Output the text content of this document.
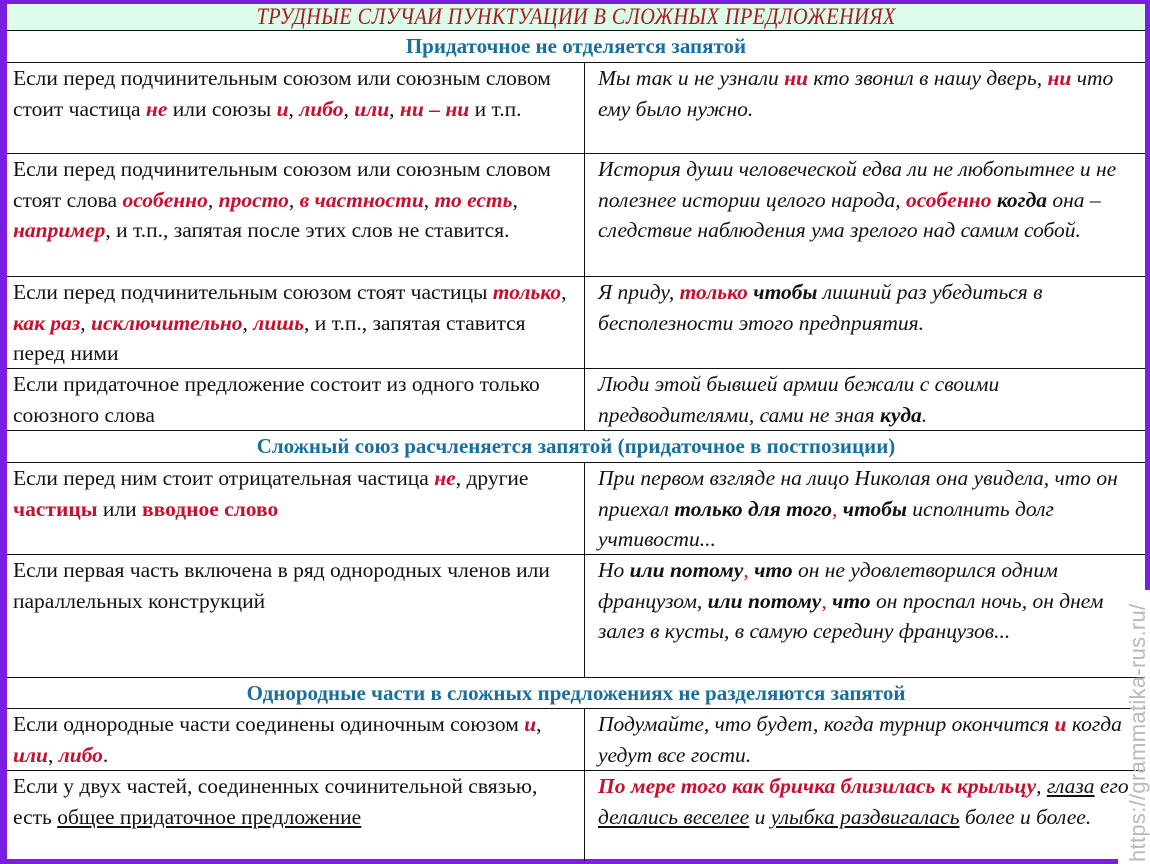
ТРУДНЫЕ СЛУЧАИ ПУНКТУАЦИИ В СЛОЖНЫХ ПРЕДЛОЖЕНИЯХ
Придаточное не отделяется запятой
Если перед подчинительным союзом или союзным словом стоит частица не или союзы и, либо, или, ни – ни и т.п.
Мы так и не узнали ни кто звонил в нашу дверь, ни что ему было нужно.
Если перед подчинительным союзом или союзным словом стоят слова особенно, просто, в частности, то есть, например, и т.п., запятая после этих слов не ставится.
История души человеческой едва ли не любопытнее и не полезнее истории целого народа, особенно когда она – следствие наблюдения ума зрелого над самим собой.
Если перед подчинительным союзом стоят частицы только, как раз, исключительно, лишь, и т.п., запятая ставится перед ними
Я приду, только чтобы лишний раз убедиться в бесполезности этого предприятия.
Если придаточное предложение состоит из одного только союзного слова
Люди этой бывшей армии бежали с своими предводителями, сами не зная куда.
Сложный союз расчленяется запятой (придаточное в постпозиции)
Если перед ним стоит отрицательная частица не, другие частицы или вводное слово
При первом взгляде на лицо Николая она увидела, что он приехал только для того, чтобы исполнить долг учтивости...
Если первая часть включена в ряд однородных членов или параллельных конструкций
Но или потому, что он не удовлетворился одним французом, или потому, что он проспал ночь, он днем залез в кусты, в самую середину французов...
Однородные части в сложных предложениях не разделяются запятой
Если однородные части соединены одиночным союзом и, или, либо.
Подумайте, что будет, когда турнир окончится и когда уедут все гости.
Если у двух частей, соединенных сочинительной связью, есть общее придаточное предложение
По мере того как бричка близилась к крыльцу, глаза его делались веселее и улыбка раздвигалась более и более.	https://grammatika-rus.ru/
